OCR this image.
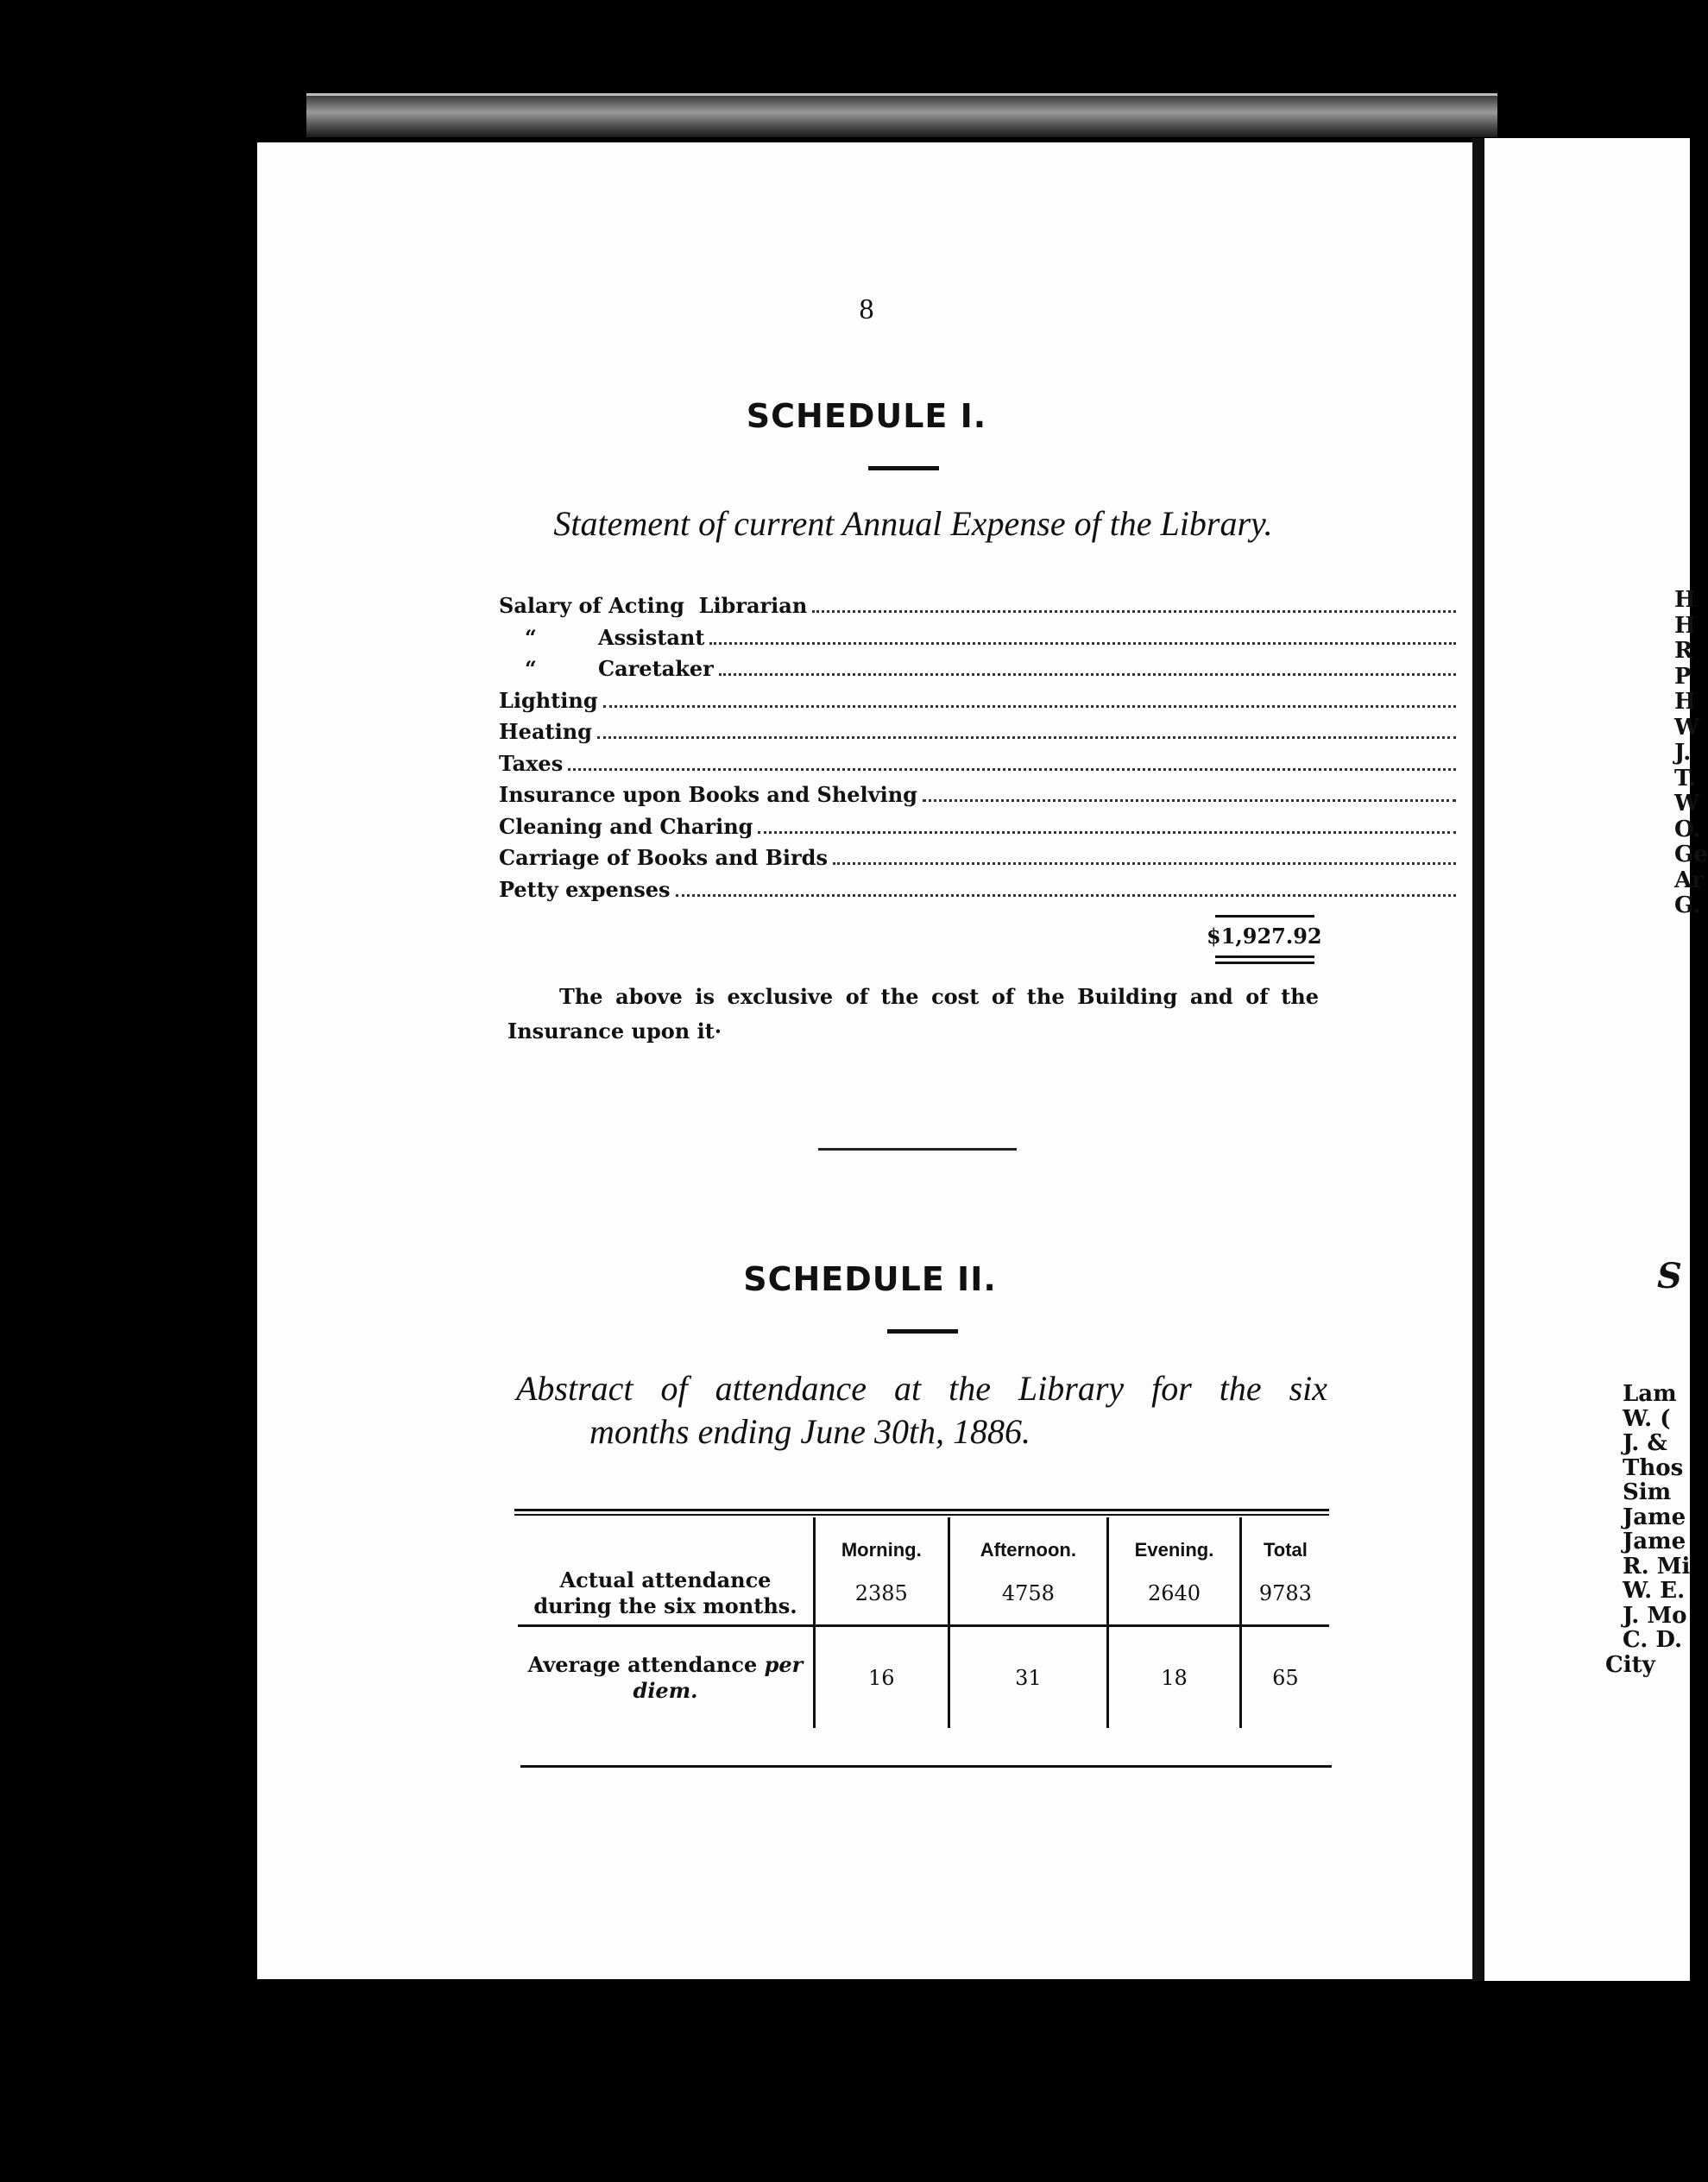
8
SCHEDULE I.
Statement of current Annual Expense of the Library.
Salary of Acting  Librarian
“	Assistant
“	Caretaker
Lighting
Heating
Taxes
Insurance upon Books and Shelving
Cleaning and Charing
Carriage of Books and Birds
Petty expenses
$1,927.92
The above is exclusive of the cost of the Building and of the Insurance upon it·
SCHEDULE II.
Abstract of attendance at the Library for the six
months ending June 30th, 1886.
	Morning.	Afternoon.	Evening.	Total

Actual attendance during the six months.	2385	4758	2640	9783

Average attendance per
diem.	16	31	18	65
H
H
R
P
H
W
J.
T.
W
O.
Ge
Ar
G.
S
Lam
W. (
J. &
Thos
Sim
Jame
Jame
R. Mi
W. E.
J. Mo
C. D.
City
